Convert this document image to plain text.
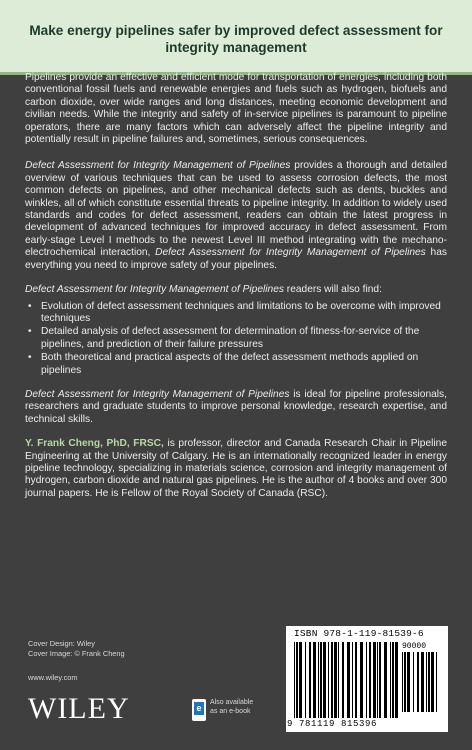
Make energy pipelines safer by improved defect assessment for integrity management

Pipelines provide an effective and efficient mode for transportation of energies, including both conventional fossil fuels and renewable energies and fuels such as hydrogen, biofuels and carbon dioxide, over wide ranges and long distances, meeting economic development and civilian needs. While the integrity and safety of in-service pipelines is paramount to pipeline operators, there are many factors which can adversely affect the pipeline integrity and potentially result in pipeline failures and, sometimes, serious consequences.

Defect Assessment for Integrity Management of Pipelines provides a thorough and detailed overview of various techniques that can be used to assess corrosion defects, the most common defects on pipelines, and other mechanical defects such as dents, buckles and winkles, all of which constitute essential threats to pipeline integrity. In addition to widely used standards and codes for defect assessment, readers can obtain the latest progress in development of advanced techniques for improved accuracy in defect assessment. From early-stage Level I methods to the newest Level III method integrating with the mechano-electrochemical interaction, Defect Assessment for Integrity Management of Pipelines has everything you need to improve safety of your pipelines.

Defect Assessment for Integrity Management of Pipelines readers will also find:

• Evolution of defect assessment techniques and limitations to be overcome with improved techniques
• Detailed analysis of defect assessment for determination of fitness-for-service of the pipelines, and prediction of their failure pressures
• Both theoretical and practical aspects of the defect assessment methods applied on pipelines

Defect Assessment for Integrity Management of Pipelines is ideal for pipeline professionals, researchers and graduate students to improve personal knowledge, research expertise, and technical skills.

Y. Frank Cheng, PhD, FRSC, is professor, director and Canada Research Chair in Pipeline Engineering at the University of Calgary. He is an internationally recognized leader in energy pipeline technology, specializing in materials science, corrosion and integrity management of hydrogen, carbon dioxide and natural gas pipelines. He is the author of 4 books and over 300 journal papers. He is Fellow of the Royal Society of Canada (RSC).

Cover Design: Wiley
Cover Image: © Frank Cheng
www.wiley.com
WILEY	e
Also available
as an e-book
ISBN 978-1-119-81539-6
90000
9 781119 815396
